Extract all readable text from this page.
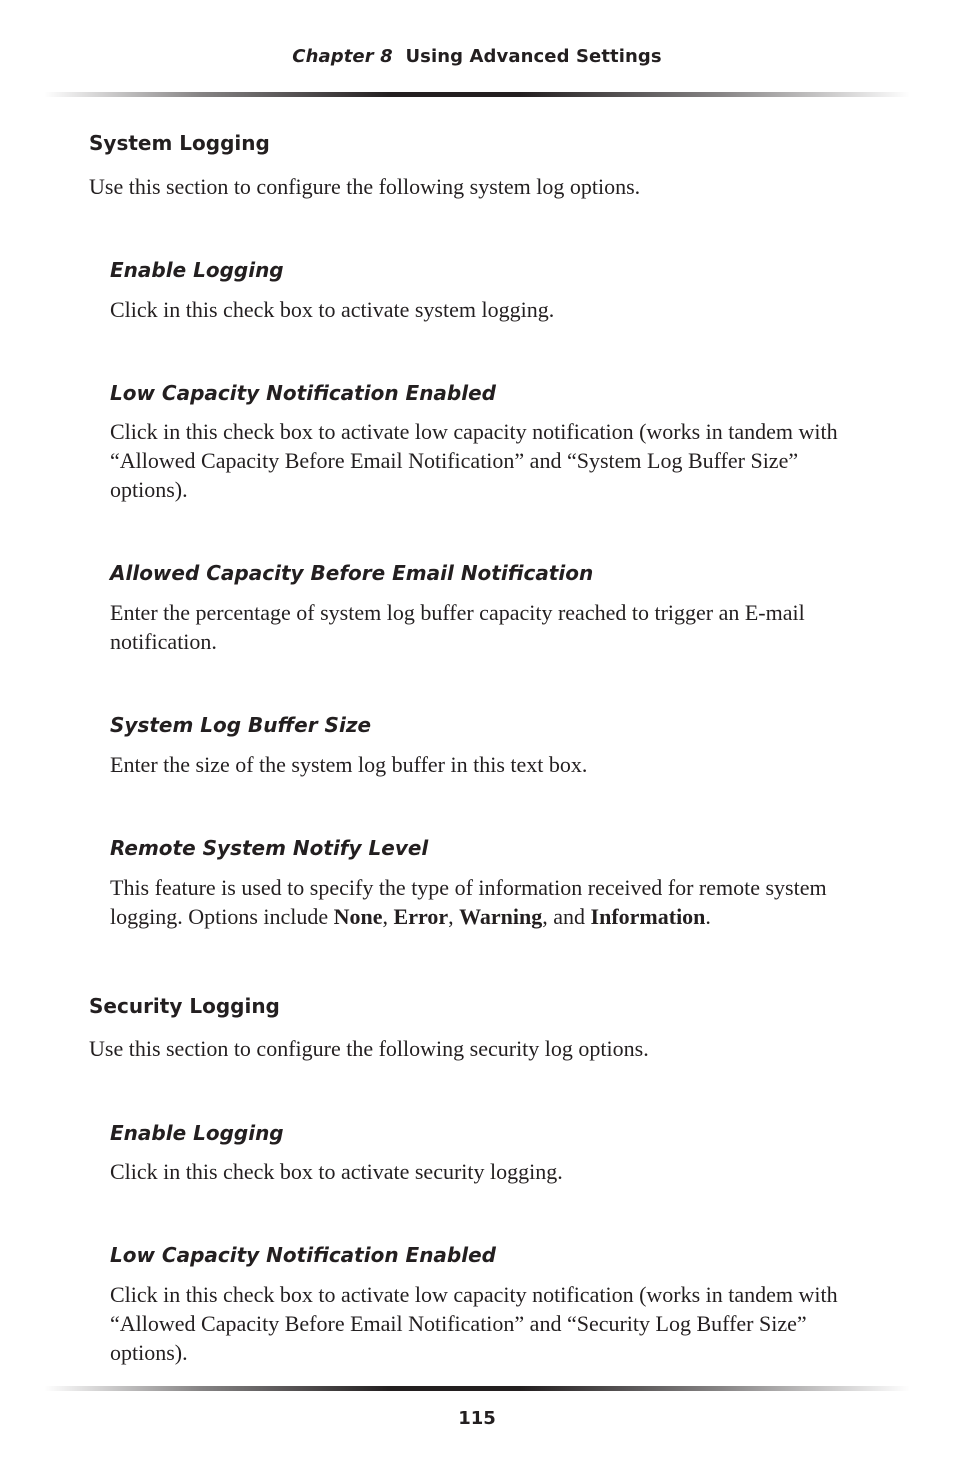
Chapter 8 Using Advanced Settings
System Logging

Use this section to configure the following system log options.

Enable Logging

Click in this check box to activate system logging.

Low Capacity Notification Enabled

Click in this check box to activate low capacity notification (works in tandem with “Allowed Capacity Before Email Notification” and “System Log Buffer Size” options).

Allowed Capacity Before Email Notification

Enter the percentage of system log buffer capacity reached to trigger an E-mail notification.

System Log Buffer Size

Enter the size of the system log buffer in this text box.

Remote System Notify Level

This feature is used to specify the type of information received for remote system logging. Options include None, Error, Warning, and Information.

Security Logging

Use this section to configure the following security log options.

Enable Logging

Click in this check box to activate security logging.

Low Capacity Notification Enabled

Click in this check box to activate low capacity notification (works in tandem with “Allowed Capacity Before Email Notification” and “Security Log Buffer Size” options).

115
